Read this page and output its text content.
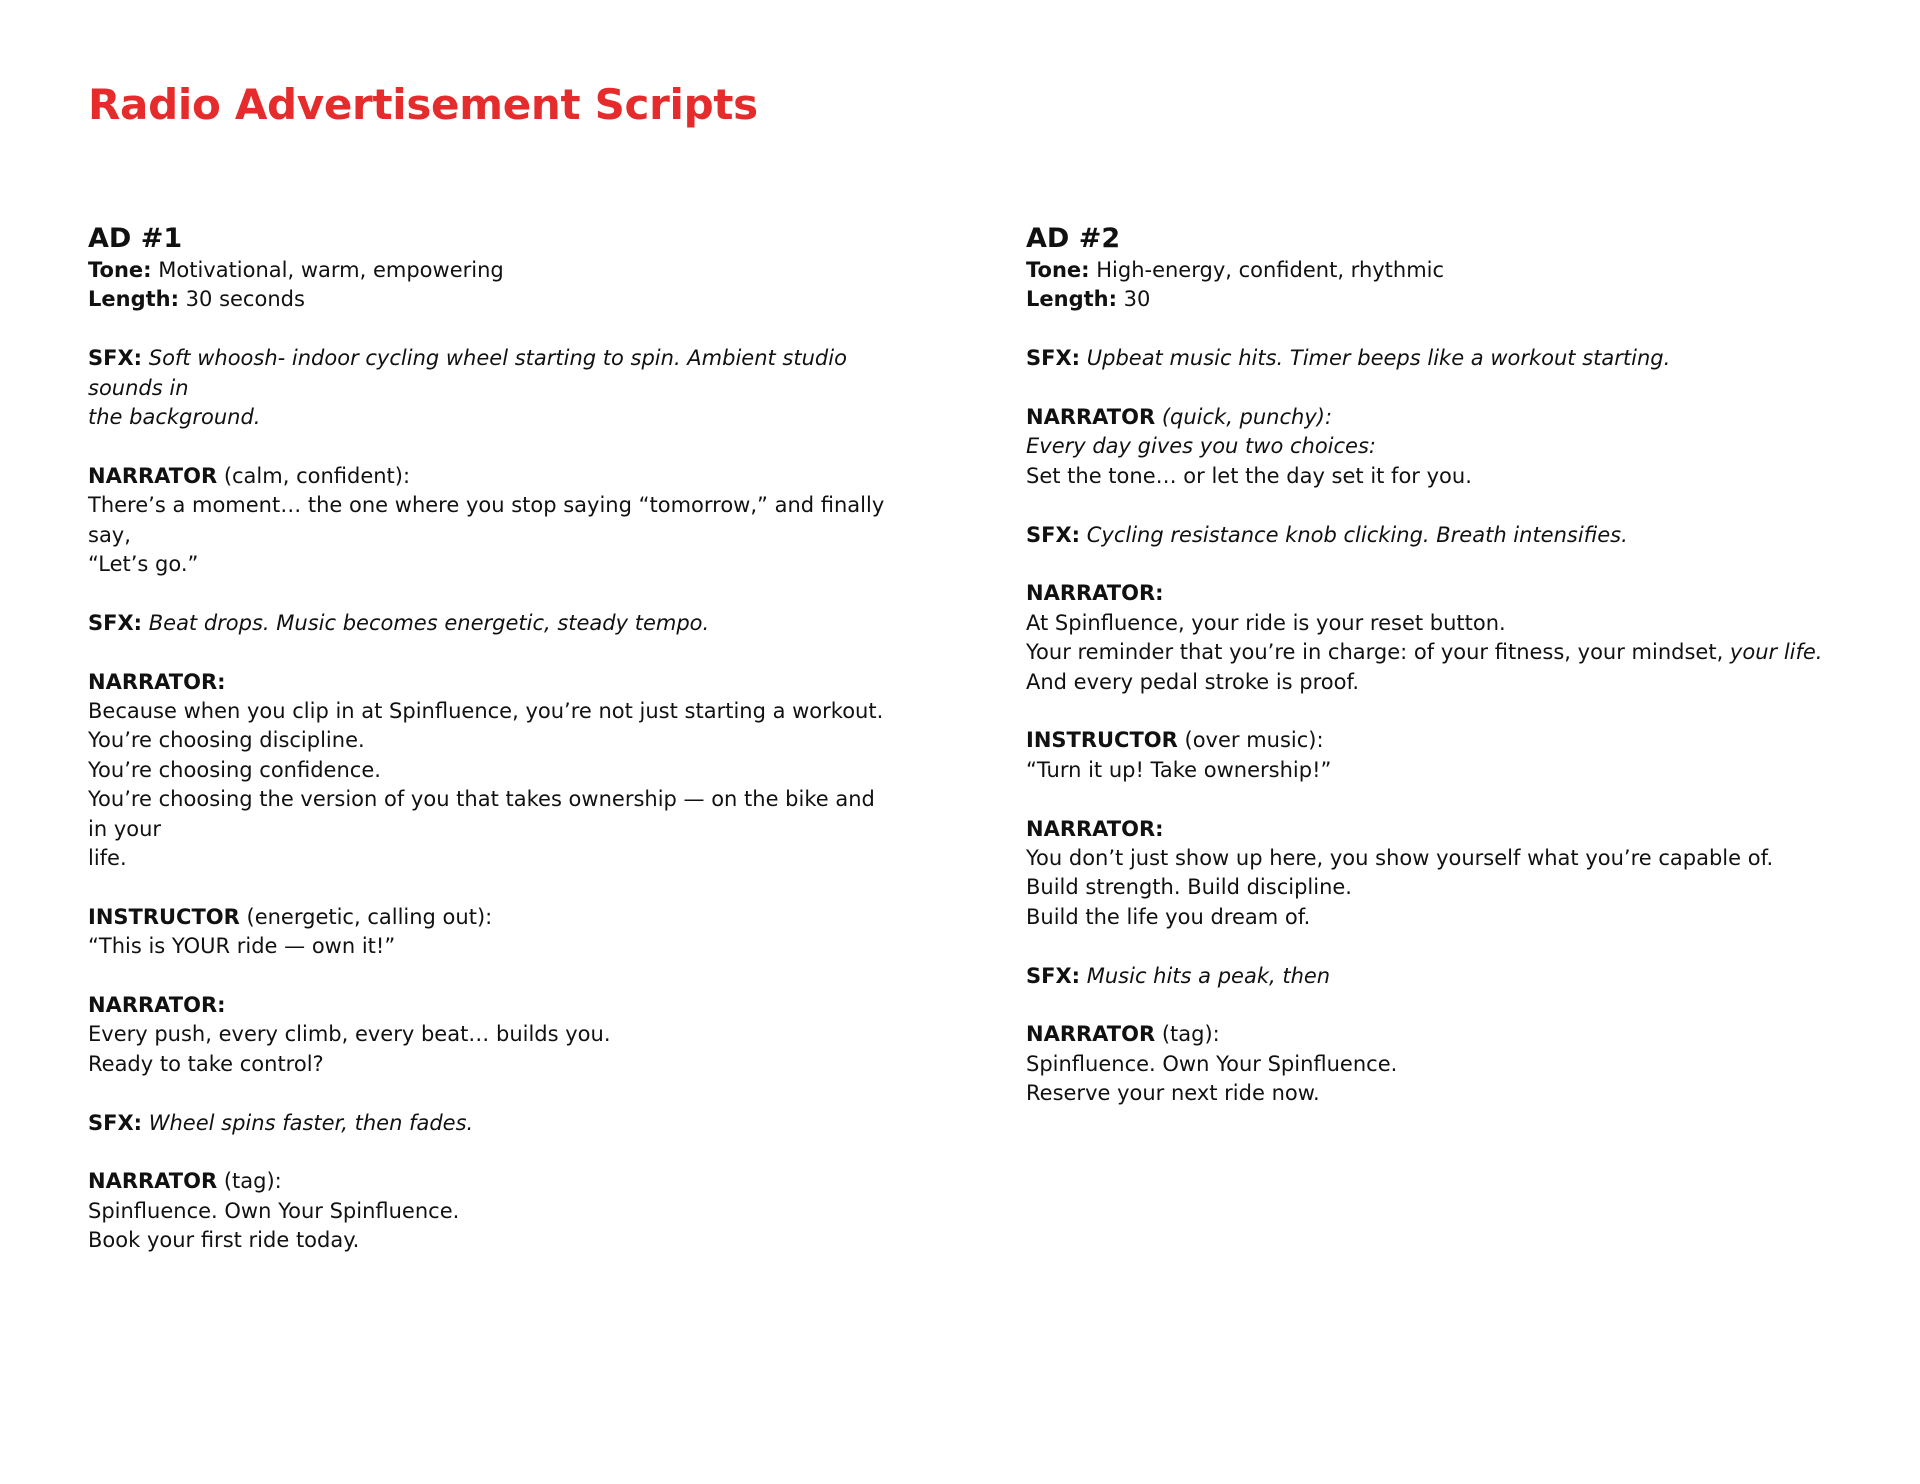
Radio Advertisement Scripts
AD #1
Tone: Motivational, warm, empowering
Length: 30 seconds
SFX: Soft whoosh- indoor cycling wheel starting to spin. Ambient studio sounds in
the background.
NARRATOR (calm, confident):
There’s a moment… the one where you stop saying “tomorrow,” and finally say,
“Let’s go.”
SFX: Beat drops. Music becomes energetic, steady tempo.
NARRATOR:
Because when you clip in at Spinfluence, you’re not just starting a workout.
You’re choosing discipline.
You’re choosing confidence.
You’re choosing the version of you that takes ownership — on the bike and in your
life.
INSTRUCTOR (energetic, calling out):
“This is YOUR ride — own it!”
NARRATOR:
Every push, every climb, every beat… builds you.
Ready to take control?
SFX: Wheel spins faster, then fades.
NARRATOR (tag):
Spinfluence. Own Your Spinfluence.
Book your first ride today.
AD #2
Tone: High-energy, confident, rhythmic
Length: 30
SFX: Upbeat music hits. Timer beeps like a workout starting.
NARRATOR (quick, punchy):
Every day gives you two choices:
Set the tone… or let the day set it for you.
SFX: Cycling resistance knob clicking. Breath intensifies.
NARRATOR:
At Spinfluence, your ride is your reset button.
Your reminder that you’re in charge: of your fitness, your mindset, your life.
And every pedal stroke is proof.
INSTRUCTOR (over music):
“Turn it up! Take ownership!”
NARRATOR:
You don’t just show up here, you show yourself what you’re capable of.
Build strength. Build discipline.
Build the life you dream of.
SFX: Music hits a peak, then
NARRATOR (tag):
Spinfluence. Own Your Spinfluence.
Reserve your next ride now.
